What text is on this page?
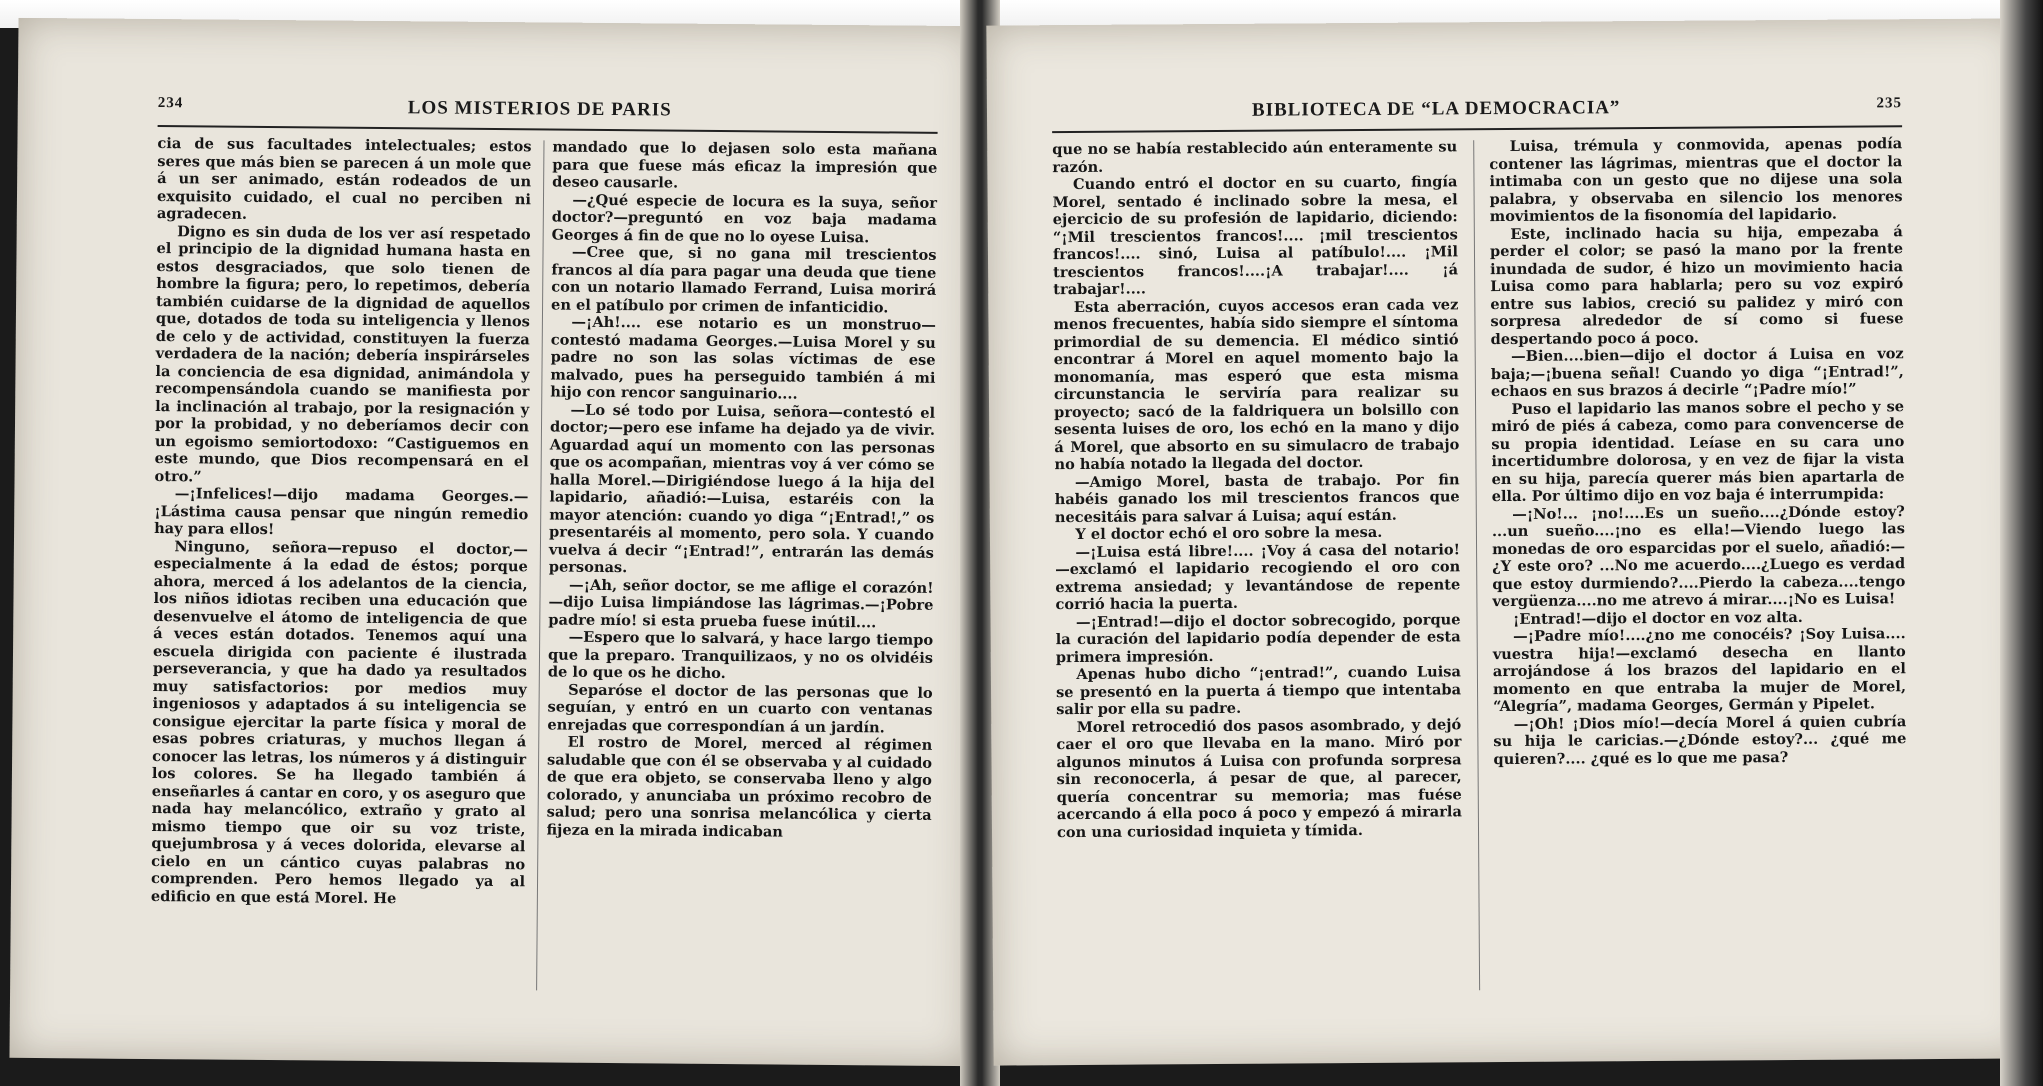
234	LOS MISTERIOS DE PARIS

cia de sus facultades intelectuales; estos seres que más bien se parecen á un mole que á un ser animado, están rodeados de un exquisito cuidado, el cual no perciben ni agradecen.

Digno es sin duda de los ver así respetado el principio de la dignidad humana hasta en estos desgraciados, que solo tienen de hombre la figura; pero, lo repetimos, debería también cuidarse de la dignidad de aquellos que, dotados de toda su inteligencia y llenos de celo y de actividad, constituyen la fuerza verdadera de la nación; debería inspirárseles la conciencia de esa dignidad, animándola y recompensándola cuando se manifiesta por la inclinación al trabajo, por la resignación y por la probidad, y no deberíamos decir con un egoismo semiortodoxo: “Castiguemos en este mundo, que Dios recompensará en el otro.”

—¡Infelices!—dijo madama Georges.—¡Lástima causa pensar que ningún remedio hay para ellos!

Ninguno, señora—repuso el doctor,—especialmente á la edad de éstos; porque ahora, merced á los adelantos de la ciencia, los niños idiotas reciben una educación que desenvuelve el átomo de inteligencia de que á veces están dotados. Tenemos aquí una escuela dirigida con paciente é ilustrada perseverancia, y que ha dado ya resultados muy satisfactorios: por medios muy ingeniosos y adaptados á su inteligencia se consigue ejercitar la parte física y moral de esas pobres criaturas, y muchos llegan á conocer las letras, los números y á distinguir los colores. Se ha llegado también á enseñarles á cantar en coro, y os aseguro que nada hay melancólico, extraño y grato al mismo tiempo que oir su voz triste, quejumbrosa y á veces dolorida, elevarse al cielo en un cántico cuyas palabras no comprenden. Pero hemos llegado ya al edificio en que está Morel. He

mandado que lo dejasen solo esta mañana para que fuese más eficaz la impresión que deseo causarle.

—¿Qué especie de locura es la suya, señor doctor?—preguntó en voz baja madama Georges á fin de que no lo oyese Luisa.

—Cree que, si no gana mil trescientos francos al día para pagar una deuda que tiene con un notario llamado Ferrand, Luisa morirá en el patíbulo por crimen de infanticidio.

—¡Ah!.... ese notario es un monstruo—contestó madama Georges.—Luisa Morel y su padre no son las solas víctimas de ese malvado, pues ha perseguido también á mi hijo con rencor sanguinario....

—Lo sé todo por Luisa, señora—contestó el doctor;—pero ese infame ha dejado ya de vivir. Aguardad aquí un momento con las personas que os acompañan, mientras voy á ver cómo se halla Morel.—Dirigiéndose luego á la hija del lapidario, añadió:—Luisa, estaréis con la mayor atención: cuando yo diga “¡Entrad!,” os presentaréis al momento, pero sola. Y cuando vuelva á decir “¡Entrad!”, entrarán las demás personas.

—¡Ah, señor doctor, se me aflige el corazón!—dijo Luisa limpiándose las lágrimas.—¡Pobre padre mío! si esta prueba fuese inútil....

—Espero que lo salvará, y hace largo tiempo que la preparo. Tranquilizaos, y no os olvidéis de lo que os he dicho.

Separóse el doctor de las personas que lo seguían, y entró en un cuarto con ventanas enrejadas que correspondían á un jardín.

El rostro de Morel, merced al régimen saludable que con él se observaba y al cuidado de que era objeto, se conservaba lleno y algo colorado, y anunciaba un próximo recobro de salud; pero una sonrisa melancólica y cierta fijeza en la mirada indicaban

BIBLIOTECA DE “LA DEMOCRACIA”	235

que no se había restablecido aún enteramente su razón.

Cuando entró el doctor en su cuarto, fingía Morel, sentado é inclinado sobre la mesa, el ejercicio de su profesión de lapidario, diciendo: “¡Mil trescientos francos!.... ¡mil trescientos francos!.... sinó, Luisa al patíbulo!.... ¡Mil trescientos francos!....¡A trabajar!.... ¡á trabajar!....

Esta aberración, cuyos accesos eran cada vez menos frecuentes, había sido siempre el síntoma primordial de su demencia. El médico sintió encontrar á Morel en aquel momento bajo la monomanía, mas esperó que esta misma circunstancia le serviría para realizar su proyecto; sacó de la faldriquera un bolsillo con sesenta luises de oro, los echó en la mano y dijo á Morel, que absorto en su simulacro de trabajo no había notado la llegada del doctor.

—Amigo Morel, basta de trabajo. Por fin habéis ganado los mil trescientos francos que necesitáis para salvar á Luisa; aquí están.

Y el doctor echó el oro sobre la mesa.

—¡Luisa está libre!.... ¡Voy á casa del notario!—exclamó el lapidario recogiendo el oro con extrema ansiedad; y levantándose de repente corrió hacia la puerta.

—¡Entrad!—dijo el doctor sobrecogido, porque la curación del lapidario podía depender de esta primera impresión.

Apenas hubo dicho “¡entrad!”, cuando Luisa se presentó en la puerta á tiempo que intentaba salir por ella su padre.

Morel retrocedió dos pasos asombrado, y dejó caer el oro que llevaba en la mano. Miró por algunos minutos á Luisa con profunda sorpresa sin reconocerla, á pesar de que, al parecer, quería concentrar su memoria; mas fuése acercando á ella poco á poco y empezó á mirarla con una curiosidad inquieta y tímida.

Luisa, trémula y conmovida, apenas podía contener las lágrimas, mientras que el doctor la intimaba con un gesto que no dijese una sola palabra, y observaba en silencio los menores movimientos de la fisonomía del lapidario.

Este, inclinado hacia su hija, empezaba á perder el color; se pasó la mano por la frente inundada de sudor, é hizo un movimiento hacia Luisa como para hablarla; pero su voz expiró entre sus labios, creció su palidez y miró con sorpresa alrededor de sí como si fuese despertando poco á poco.

—Bien....bien—dijo el doctor á Luisa en voz baja;—¡buena señal! Cuando yo diga “¡Entrad!”, echaos en sus brazos á decirle “¡Padre mío!”

Puso el lapidario las manos sobre el pecho y se miró de piés á cabeza, como para convencerse de su propia identidad. Leíase en su cara uno incertidumbre dolorosa, y en vez de fijar la vista en su hija, parecía querer más bien apartarla de ella. Por último dijo en voz baja é interrumpida:

—¡No!... ¡no!....Es un sueño....¿Dónde estoy? ...un sueño....¡no es ella!—Viendo luego las monedas de oro esparcidas por el suelo, añadió:—¿Y este oro? ...No me acuerdo....¿Luego es verdad que estoy durmiendo?....Pierdo la cabeza....tengo vergüenza....no me atrevo á mirar....¡No es Luisa!

¡Entrad!—dijo el doctor en voz alta.

—¡Padre mío!....¿no me conocéis? ¡Soy Luisa.... vuestra hija!—exclamó desecha en llanto arrojándose á los brazos del lapidario en el momento en que entraba la mujer de Morel, “Alegría”, madama Georges, Germán y Pipelet.

—¡Oh! ¡Dios mío!—decía Morel á quien cubría su hija le caricias.—¿Dónde estoy?... ¿qué me quieren?.... ¿qué es lo que me pasa?
